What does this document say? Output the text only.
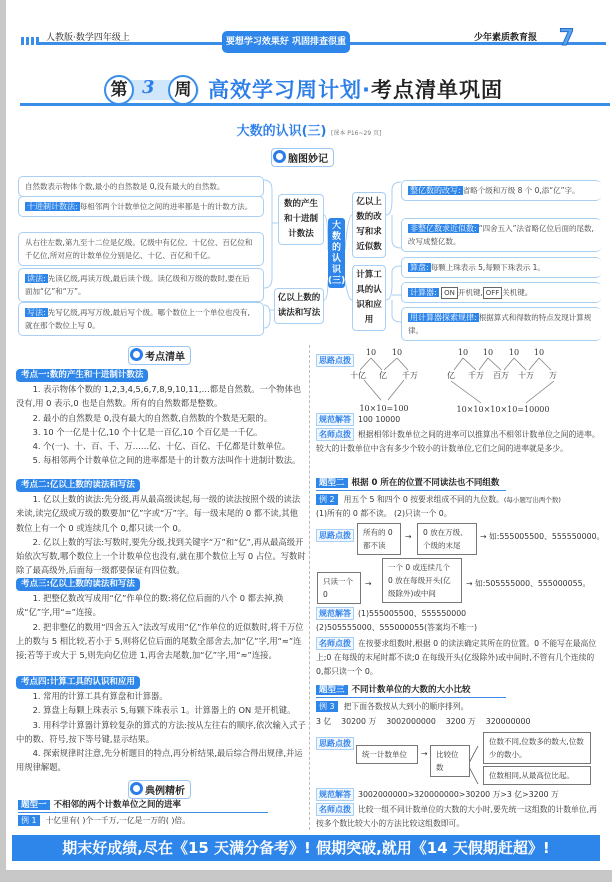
人教版·数学四年级上	要想学习效果好 巩固排查很重要
少年素质教育报 7
第 3	周 高效学习周计划·考点清单巩固
大数的认识(三) [课本 P16~29 页]
脑图妙记
自然数表示物体个数,最小的自然数是 0,没有最大的自然数。
十进制计数法: 每相邻两个计数单位之间的进率都是十的计数方法。
从右往左数,第九至十二位是亿级。亿级中有亿位、十亿位、百亿位和千亿位,所对应的计数单位分别是亿、十亿、百亿和千亿。
读法: 先读亿级,再读万级,最后读个级。读亿级和万级的数时,要在后面加“亿”和“万”。
写法: 先写亿级,再写万级,最后写个级。哪个数位上一个单位也没有,就在那个数位上写 0。
数的产生和十进制计数法
亿以上数的读法和写法
大数的认识(三)
亿以上数的改写和求近似数
计算工具的认识和应用
整亿数的改写: 省略个级和万级 8 个 0,添“亿”字。
非整亿数求近似数: “四舍五入”法省略亿位后面的尾数,改写成整亿数。
算盘: 每颗上珠表示 5,每颗下珠表示 1。
计算器: ON 开机键, OFF 关机键。
用计算器探索规律: 根据算式和得数的特点发现计算规律。
考点清单
考点一:数的产生和十进制计数法

1. 表示物体个数的 1,2,3,4,5,6,7,8,9,10,11,…都是自然数。一个物体也没有,用 0 表示,0 也是自然数。所有的自然数都是整数。

2. 最小的自然数是 0,没有最大的自然数,自然数的个数是无限的。

3. 10 个一亿是十亿,10 个十亿是一百亿,10 个百亿是一千亿。

4. 个(一)、十、百、千、万……亿、十亿、百亿、千亿都是计数单位。

5. 每相邻两个计数单位之间的进率都是十的计数方法叫作十进制计数法。

考点二:亿以上数的读法和写法

1. 亿以上数的读法:先分级,再从最高级读起,每一级的读法按照个级的读法来读,读完亿级或万级的数要加“亿”字或“万”字。每一级末尾的 0 都不读,其他数位上有一个 0 或连续几个 0,都只读一个 0。

2. 亿以上数的写法:写数时,要先分级,找到关键字“万”和“亿”,再从最高级开始依次写数,哪个数位上一个计数单位也没有,就在那个数位上写 0 占位。写数时除了最高级外,后面每一级都要保证有四位数。

考点三:亿以上数的读法和写法

1. 把整亿数改写成用“亿”作单位的数:将亿位后面的八个 0 都去掉,换成“亿”字,用“=”连接。

2. 把非整亿的数用“四舍五入”法改写成用“亿”作单位的近似数时,将千万位上的数与 5 相比较,若小于 5,则将亿位后面的尾数全部舍去,加“亿”字,用“≈”连接;若等于或大于 5,则先向亿位进 1,再舍去尾数,加“亿”字,用“≈”连接。

考点四:计算工具的认识和应用

1. 常用的计算工具有算盘和计算器。

2. 算盘上每颗上珠表示 5,每颗下珠表示 1。计算器上的 ON 是开机键。

3. 用科学计算器计算较复杂的算式的方法:按从左往右的顺序,依次输入式子中的数、符号,按下等号键,显示结果。

4. 探索规律时注意,先分析题目的特点,再分析结果,最后综合得出规律,并运用规律解题。

典例精析
题型一 不相邻的两个计数单位之间的进率
例 1 十亿里有( )个一千万,一亿是一万的( )倍。
思路点拨
10 10
十亿 亿 千万
10×10=100
10 10 10 10
亿 千万 百万 十万 万
10×10×10×10=10000
规范解答 100 10000
名师点拨 根据相邻计数单位之间的进率可以推算出不相邻计数单位之间的进率。较大的计数单位中含有多少个较小的计数单位,它们之间的进率就是多少。
题型二 根据 0 所在的位置不同读法也不同组数
例 2 用五个 5 和四个 0 按要求组成不同的九位数。(每小题写出两个数)
(1)所有的 0 都不读。 (2)只读一个 0。
思路点拨	所有的 0 都不读
→	0 放在万级、个级的末尾
→ 如:555005500、555550000。
只读一个 0
→
一个 0 或连续几个 0 放在每级开头(亿级除外)或中间
→ 如:505555000、555000055。
规范解答 (1)555005500、555550000
(2)505555000、555000055(答案均不唯一)
名师点拨 在按要求组数时,根据 0 的读法确定其所在的位置。0 不能写在最高位上;0 在每级的末尾时都不读;0 在每级开头(亿级除外)或中间时,不管有几个连续的 0,都只读一个 0。
题型三 不同计数单位的大数的大小比较
例 3 把下面各数按从大到小的顺序排列。
3 亿 30200 万 3002000000 3200 万 320000000
思路点拨
统一计数单位	→	比较位数
位数不同,位数多的数大,位数少的数小。
位数相同,从最高位比起。
规范解答 3002000000>320000000>30200 万>3 亿>3200 万
名师点拨 比较一组不同计数单位的大数的大小时,要先统一这组数的计数单位,再按多个数比较大小的方法比较这组数即可。
期末好成绩,尽在《15 天满分备考》! 假期突破,就用《14 天假期赶超》!
